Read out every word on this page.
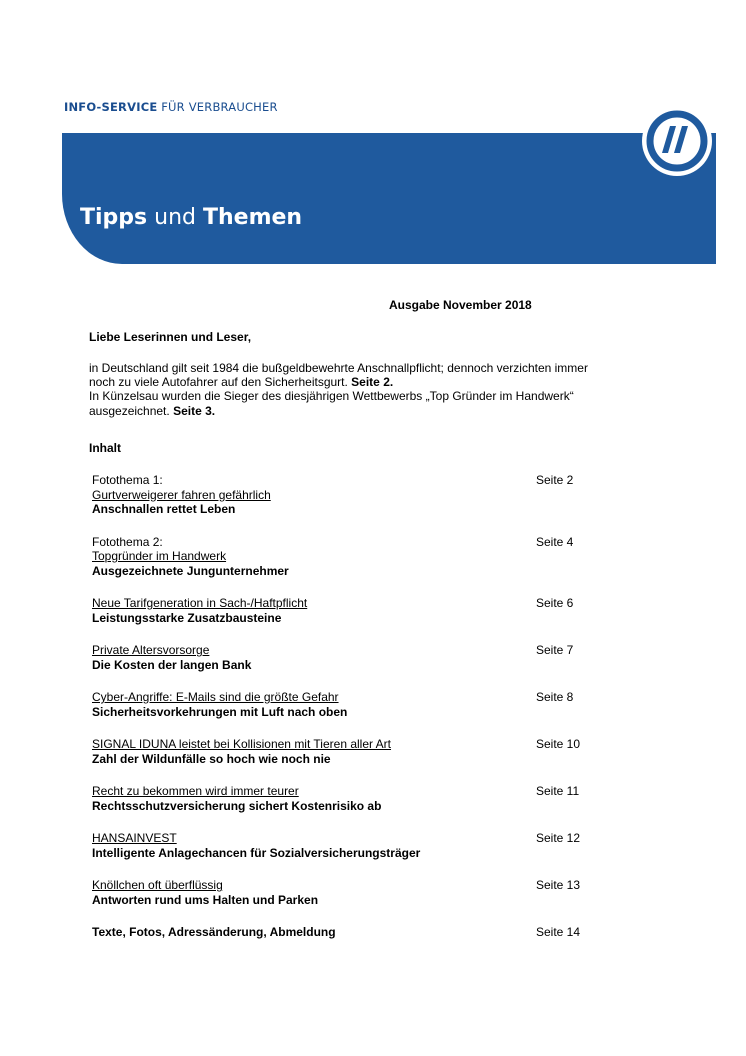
INFO-SERVICE FÜR VERBRAUCHER
Tipps und Themen
Ausgabe November 2018
Liebe Leserinnen und Leser,
in Deutschland gilt seit 1984 die bußgeldbewehrte Anschnallpflicht; dennoch verzichten immer noch zu viele Autofahrer auf den Sicherheitsgurt. Seite 2.
In Künzelsau wurden die Sieger des diesjährigen Wettbewerbs „Top Gründer im Handwerk“ ausgezeichnet. Seite 3.
Inhalt
Fotothema 1:
Gurtverweigerer fahren gefährlich
Anschnallen rettet Leben
Seite 2
Fotothema 2:
Topgründer im Handwerk
Ausgezeichnete Jungunternehmer
Seite 4
Neue Tarifgeneration in Sach-/Haftpflicht
Leistungsstarke Zusatzbausteine
Seite 6
Private Altersvorsorge
Die Kosten der langen Bank
Seite 7
Cyber-Angriffe: E-Mails sind die größte Gefahr
Sicherheitsvorkehrungen mit Luft nach oben
Seite 8
SIGNAL IDUNA leistet bei Kollisionen mit Tieren aller Art
Zahl der Wildunfälle so hoch wie noch nie
Seite 10
Recht zu bekommen wird immer teurer
Rechtsschutzversicherung sichert Kostenrisiko ab
Seite 11
HANSAINVEST
Intelligente Anlagechancen für Sozialversicherungsträger
Seite 12
Knöllchen oft überflüssig
Antworten rund ums Halten und Parken
Seite 13
Texte, Fotos, Adressänderung, Abmeldung	Seite 14
